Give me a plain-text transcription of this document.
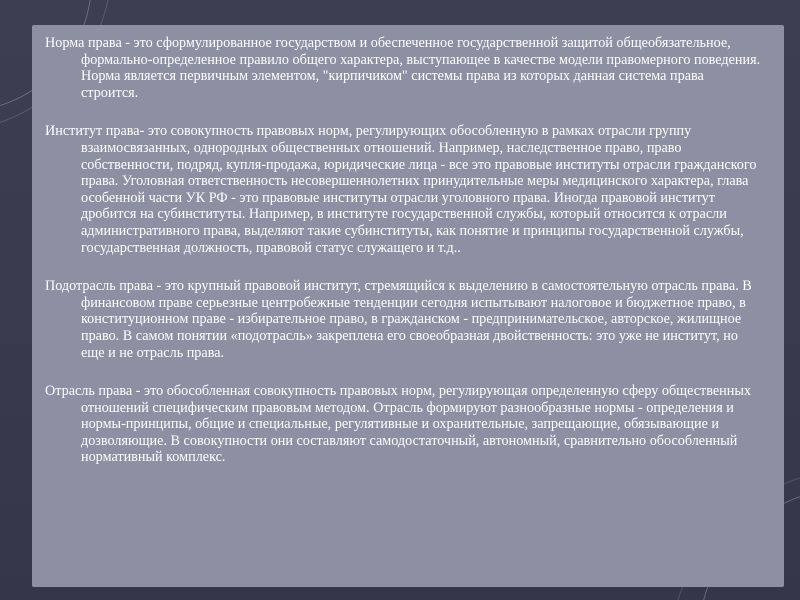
Норма права - это сформулированное государством и обеспеченное государственной защитой общеобязательное, формально-определенное правило общего характера, выступающее в качестве модели правомерного поведения. Норма является первичным элементом, "кирпичиком" системы права из которых данная система права строится.

Институт права- это совокупность правовых норм, регулирующих обособленную в рамках отрасли группу взаимосвязанных, однородных общественных отношений. Например, наследственное право, право собственности, подряд, купля-продажа, юридические лица - все это правовые институты отрасли гражданского права. Уголовная ответственность несовершеннолетних принудительные меры медицинского характера, глава особенной части УК РФ - это правовые институты отрасли уголовного права. Иногда правовой институт дробится на субинституты. Например, в институте государственной службы, который относится к отрасли административного права, выделяют такие субинституты, как понятие и принципы государственной службы, государственная должность, правовой статус служащего и т.д..

Подотрасль права - это крупный правовой институт, стремящийся к выделению в самостоятельную отрасль права. В финансовом праве серьезные центробежные тенденции сегодня испытывают налоговое и бюджетное право, в конституционном праве - избирательное право, в гражданском - предпринимательское, авторское, жилищное право. В самом понятии «подотрасль» закреплена его своеобразная двойственность: это уже не институт, но еще и не отрасль права.

Отрасль права - это обособленная совокупность правовых норм, регулирующая определенную сферу общественных отношений специфическим правовым методом. Отрасль формируют разнообразные нормы - определения и нормы-принципы, общие и специальные, регулятивные и охранительные, запрещающие, обязывающие и дозволяющие. В совокупности они составляют самодостаточный, автономный, сравнительно обособленный нормативный комплекс.
